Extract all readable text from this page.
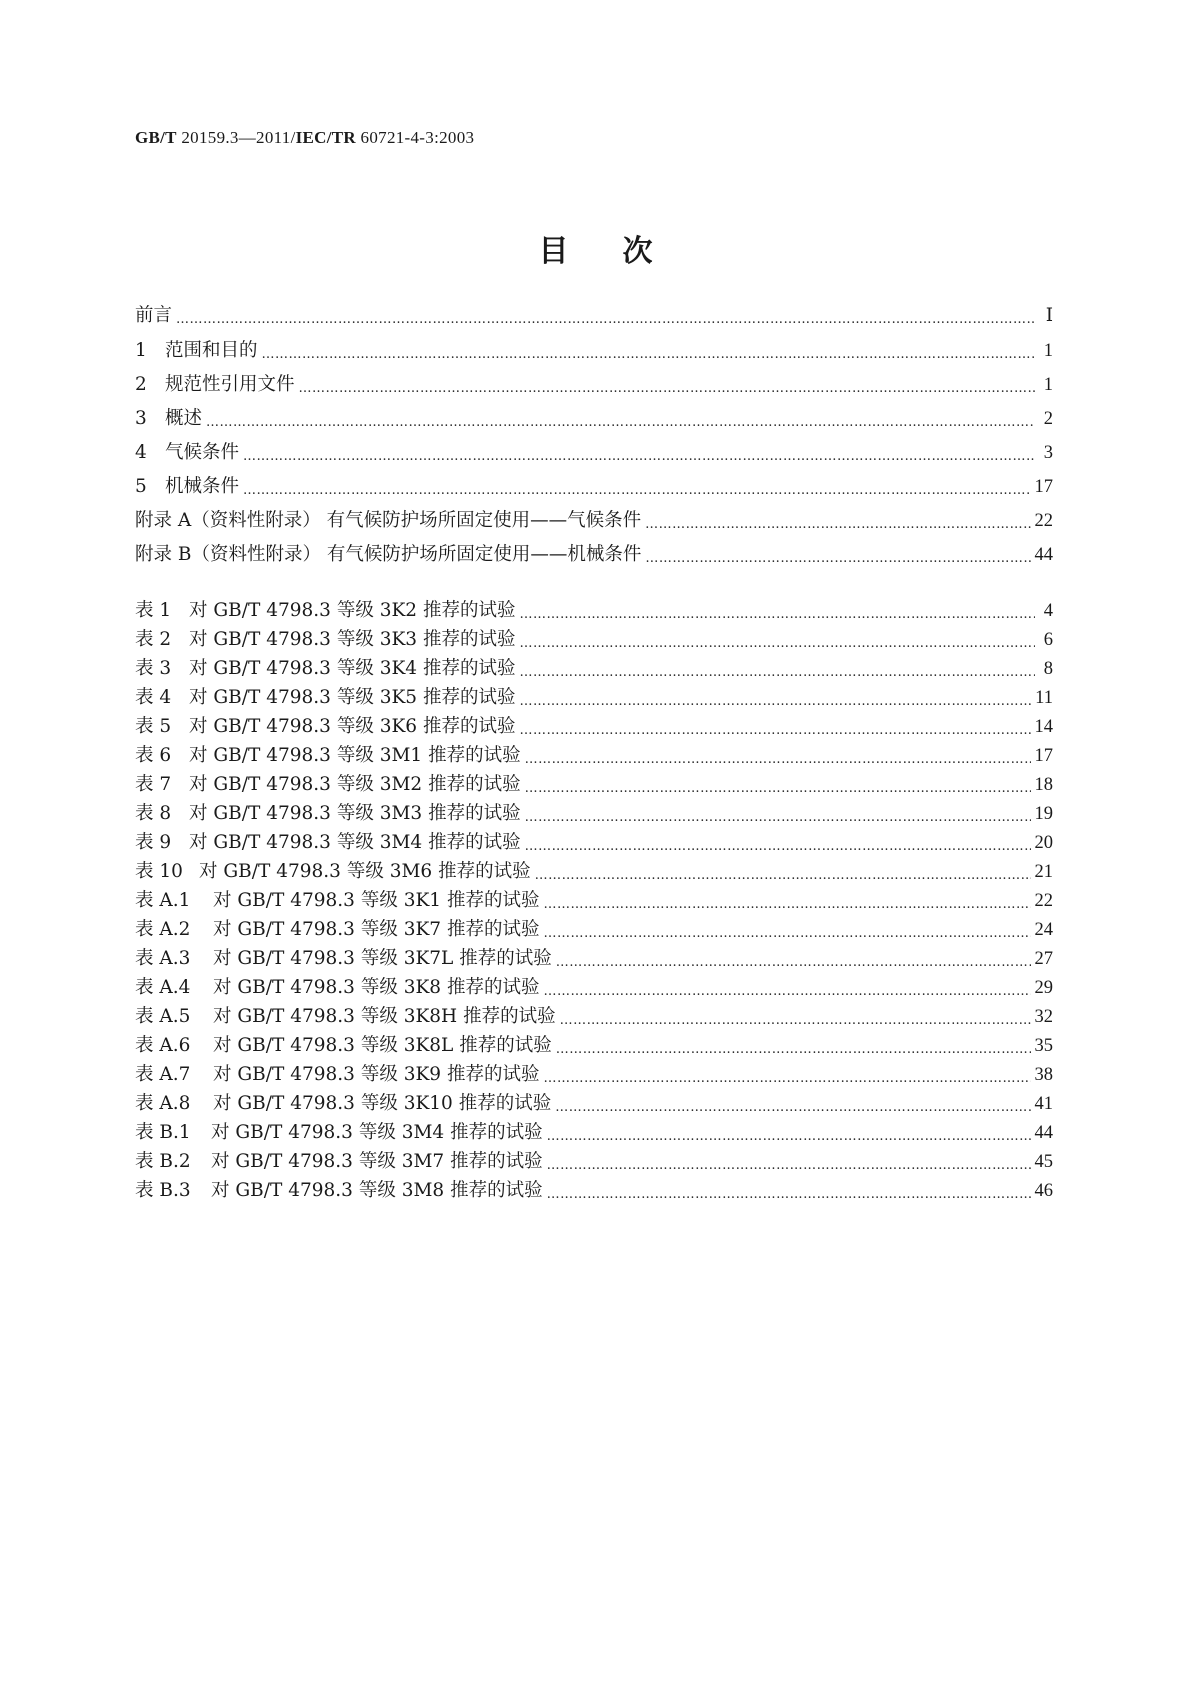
GB/T 20159.3—2011/IEC/TR 60721-4-3:2003
目 次
前言 …………………………………………………………………………………………………………………………………………………………………………………………………………………………………………………………………………	Ⅰ
1 范围和目的 …………………………………………………………………………………………………………………………………………………………………………………………………………………………………………………………………………	1
2 规范性引用文件 …………………………………………………………………………………………………………………………………………………………………………………………………………………………………………………………………………	1
3 概述 …………………………………………………………………………………………………………………………………………………………………………………………………………………………………………………………………………	2
4 气候条件 …………………………………………………………………………………………………………………………………………………………………………………………………………………………………………………………………………	3
5 机械条件 …………………………………………………………………………………………………………………………………………………………………………………………………………………………………………………………………………	17
附录 A（资料性附录） 有气候防护场所固定使用——气候条件 …………………………………………………………………………………………………………………………………………………………………………………………………………………………………………………………………………	22
附录 B（资料性附录） 有气候防护场所固定使用——机械条件 …………………………………………………………………………………………………………………………………………………………………………………………………………………………………………………………………………	44
表 1 对 GB/T 4798.3 等级 3K2 推荐的试验 …………………………………………………………………………………………………………………………………………………………………………………………………………………………………………………………………………	4
表 2 对 GB/T 4798.3 等级 3K3 推荐的试验 …………………………………………………………………………………………………………………………………………………………………………………………………………………………………………………………………………	6
表 3 对 GB/T 4798.3 等级 3K4 推荐的试验 …………………………………………………………………………………………………………………………………………………………………………………………………………………………………………………………………………	8
表 4 对 GB/T 4798.3 等级 3K5 推荐的试验 …………………………………………………………………………………………………………………………………………………………………………………………………………………………………………………………………………	11
表 5 对 GB/T 4798.3 等级 3K6 推荐的试验 …………………………………………………………………………………………………………………………………………………………………………………………………………………………………………………………………………	14
表 6 对 GB/T 4798.3 等级 3M1 推荐的试验 …………………………………………………………………………………………………………………………………………………………………………………………………………………………………………………………………………	17
表 7 对 GB/T 4798.3 等级 3M2 推荐的试验 …………………………………………………………………………………………………………………………………………………………………………………………………………………………………………………………………………	18
表 8 对 GB/T 4798.3 等级 3M3 推荐的试验 …………………………………………………………………………………………………………………………………………………………………………………………………………………………………………………………………………	19
表 9 对 GB/T 4798.3 等级 3M4 推荐的试验 …………………………………………………………………………………………………………………………………………………………………………………………………………………………………………………………………………	20
表 10 对 GB/T 4798.3 等级 3M6 推荐的试验 …………………………………………………………………………………………………………………………………………………………………………………………………………………………………………………………………………	21
表 A.1 对 GB/T 4798.3 等级 3K1 推荐的试验 …………………………………………………………………………………………………………………………………………………………………………………………………………………………………………………………………………	22
表 A.2 对 GB/T 4798.3 等级 3K7 推荐的试验 …………………………………………………………………………………………………………………………………………………………………………………………………………………………………………………………………………	24
表 A.3 对 GB/T 4798.3 等级 3K7L 推荐的试验 …………………………………………………………………………………………………………………………………………………………………………………………………………………………………………………………………………	27
表 A.4 对 GB/T 4798.3 等级 3K8 推荐的试验 …………………………………………………………………………………………………………………………………………………………………………………………………………………………………………………………………………	29
表 A.5 对 GB/T 4798.3 等级 3K8H 推荐的试验 …………………………………………………………………………………………………………………………………………………………………………………………………………………………………………………………………………	32
表 A.6 对 GB/T 4798.3 等级 3K8L 推荐的试验 …………………………………………………………………………………………………………………………………………………………………………………………………………………………………………………………………………	35
表 A.7 对 GB/T 4798.3 等级 3K9 推荐的试验 …………………………………………………………………………………………………………………………………………………………………………………………………………………………………………………………………………	38
表 A.8 对 GB/T 4798.3 等级 3K10 推荐的试验 …………………………………………………………………………………………………………………………………………………………………………………………………………………………………………………………………………	41
表 B.1 对 GB/T 4798.3 等级 3M4 推荐的试验 …………………………………………………………………………………………………………………………………………………………………………………………………………………………………………………………………………	44
表 B.2 对 GB/T 4798.3 等级 3M7 推荐的试验 …………………………………………………………………………………………………………………………………………………………………………………………………………………………………………………………………………	45
表 B.3 对 GB/T 4798.3 等级 3M8 推荐的试验 …………………………………………………………………………………………………………………………………………………………………………………………………………………………………………………………………………	46
